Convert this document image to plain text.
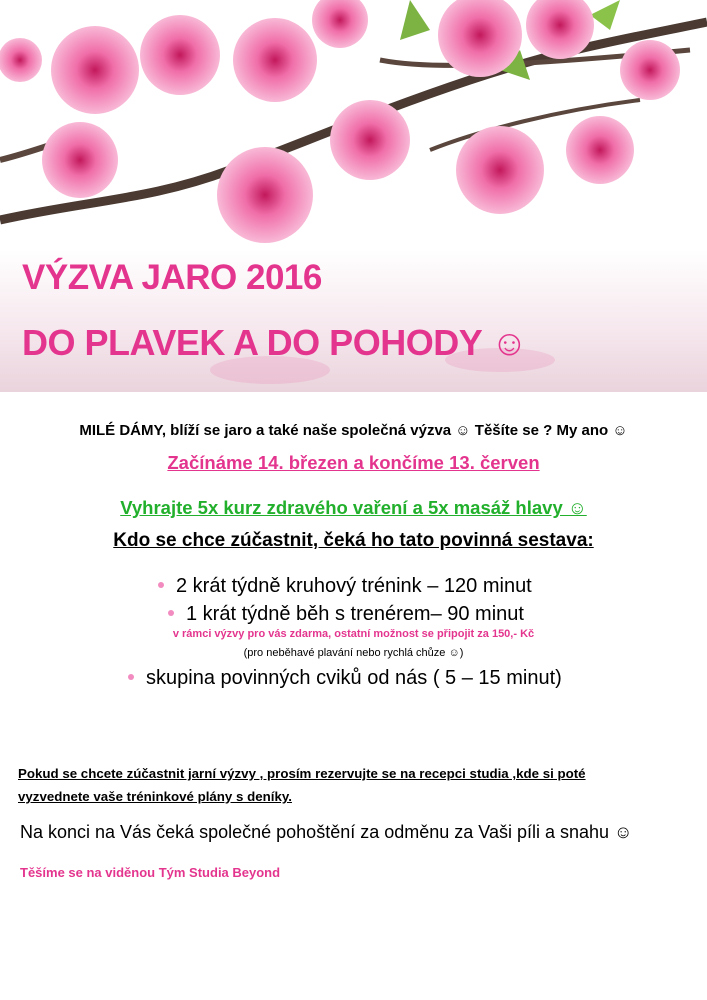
VÝZVA JARO 2016
DO PLAVEK A DO POHODY ☺
MILÉ DÁMY, blíží se jaro a také naše společná výzva ☺ Těšíte se ? My ano ☺
Začínáme 14. březen a končíme 13. červen
Vyhrajte 5x kurz zdravého vaření a 5x masáž hlavy ☺
Kdo se chce zúčastnit, čeká ho tato povinná sestava:
2 krát týdně kruhový trénink – 120 minut
1 krát týdně běh s trenérem– 90 minut
v rámci výzvy pro vás zdarma, ostatní možnost se připojit za 150,- Kč
(pro neběhavé plavání nebo rychlá chůze ☺)
skupina povinných cviků od nás ( 5 – 15 minut)
Pokud se chcete zúčastnit jarní výzvy , prosím rezervujte se na recepci studia ,kde si poté
vyzvednete vaše tréninkové plány s deníky.
Na konci na Vás čeká společné pohoštění za odměnu za Vaši píli a snahu ☺
Těšíme se na viděnou Tým Studia Beyond
